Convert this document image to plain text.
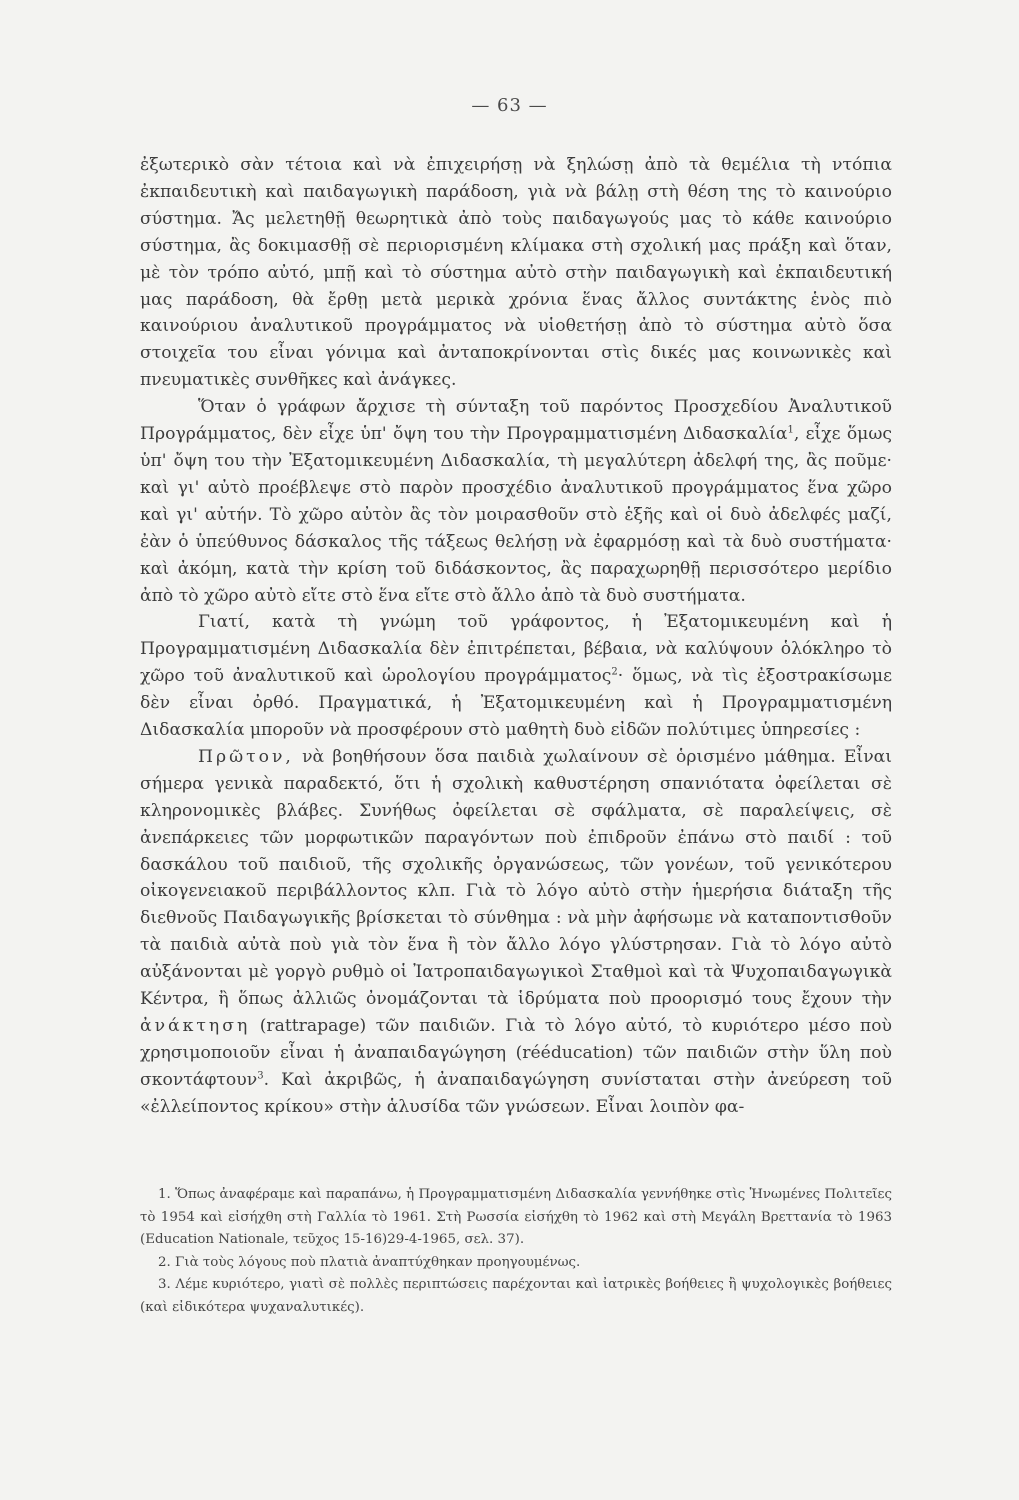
— 63 —

ἐξωτερικὸ σὰν τέτοια καὶ νὰ ἐπιχειρήσῃ νὰ ξηλώσῃ ἀπὸ τὰ θεμέλια τὴ ντόπια ἐκπαιδευτικὴ καὶ παιδαγωγικὴ παράδοση, γιὰ νὰ βάλῃ στὴ θέση της τὸ καινούριο σύστημα. Ἄς μελετηθῇ θεωρητικὰ ἀπὸ τοὺς παιδαγωγούς μας τὸ κάθε καινούριο σύστημα, ἂς δοκιμασθῇ σὲ περιορισμένη κλίμακα στὴ σχολική μας πράξη καὶ ὅταν, μὲ τὸν τρόπο αὐτό, μπῇ καὶ τὸ σύστημα αὐτὸ στὴν παιδαγωγικὴ καὶ ἐκπαιδευτική μας παράδοση, θὰ ἔρθῃ μετὰ μερικὰ χρόνια ἕνας ἄλλος συντάκτης ἑνὸς πιὸ καινούριου ἀναλυτικοῦ προγράμματος νὰ υἱοθετήσῃ ἀπὸ τὸ σύστημα αὐτὸ ὅσα στοιχεῖα του εἶναι γόνιμα καὶ ἀνταποκρίνονται στὶς δικές μας κοινωνικὲς καὶ πνευματικὲς συνθῆκες καὶ ἀνάγκες.

Ὅταν ὁ γράφων ἄρχισε τὴ σύνταξη τοῦ παρόντος Προσχεδίου Ἀναλυτικοῦ Προγράμματος, δὲν εἶχε ὑπ' ὄψη του τὴν Προγραμματισμένη Διδασκαλία$^1$, εἶχε ὅμως ὑπ' ὄψη του τὴν Ἐξατομικευμένη Διδασκαλία, τὴ μεγαλύτερη ἀδελφή της, ἂς ποῦμε· καὶ γι' αὐτὸ προέβλεψε στὸ παρὸν προσχέδιο ἀναλυτικοῦ προγράμματος ἕνα χῶρο καὶ γι' αὐτήν. Τὸ χῶρο αὐτὸν ἂς τὸν μοιρασθοῦν στὸ ἑξῆς καὶ οἱ δυὸ ἀδελφές μαζί, ἐὰν ὁ ὑπεύθυνος δάσκαλος τῆς τάξεως θελήσῃ νὰ ἐφαρμόσῃ καὶ τὰ δυὸ συστήματα· καὶ ἀκόμη, κατὰ τὴν κρίση τοῦ διδάσκοντος, ἂς παραχωρηθῇ περισσότερο μερίδιο ἀπὸ τὸ χῶρο αὐτὸ εἴτε στὸ ἕνα εἴτε στὸ ἄλλο ἀπὸ τὰ δυὸ συστήματα.

Γιατί, κατὰ τὴ γνώμη τοῦ γράφοντος, ἡ Ἐξατομικευμένη καὶ ἡ Προγραμματισμένη Διδασκαλία δὲν ἐπιτρέπεται, βέβαια, νὰ καλύψουν ὁλόκληρο τὸ χῶρο τοῦ ἀναλυτικοῦ καὶ ὡρολογίου προγράμματος$^2$· ὅμως, νὰ τὶς ἐξοστρακίσωμε δὲν εἶναι ὀρθό. Πραγματικά, ἡ Ἐξατομικευμένη καὶ ἡ Προγραμματισμένη Διδασκαλία μποροῦν νὰ προσφέρουν στὸ μαθητὴ δυὸ εἰδῶν πολύτιμες ὑπηρεσίες :

Πρῶτον, νὰ βοηθήσουν ὅσα παιδιὰ χωλαίνουν σὲ ὁρισμένο μάθημα. Εἶναι σήμερα γενικὰ παραδεκτό, ὅτι ἡ σχολικὴ καθυστέρηση σπανιότατα ὀφείλεται σὲ κληρονομικὲς βλάβες. Συνήθως ὀφείλεται σὲ σφάλματα, σὲ παραλείψεις, σὲ ἀνεπάρκειες τῶν μορφωτικῶν παραγόντων ποὺ ἐπιδροῦν ἐπάνω στὸ παιδί : τοῦ δασκάλου τοῦ παιδιοῦ, τῆς σχολικῆς ὀργανώσεως, τῶν γονέων, τοῦ γενικότερου οἰκογενειακοῦ περιβάλλοντος κλπ. Γιὰ τὸ λόγο αὐτὸ στὴν ἡμερήσια διάταξη τῆς διεθνοῦς Παιδαγωγικῆς βρίσκεται τὸ σύνθημα : νὰ μὴν ἀφήσωμε νὰ καταποντισθοῦν τὰ παιδιὰ αὐτὰ ποὺ γιὰ τὸν ἕνα ἢ τὸν ἄλλο λόγο γλύστρησαν. Γιὰ τὸ λόγο αὐτὸ αὐξάνονται μὲ γοργὸ ρυθμὸ οἱ Ἰατροπαιδαγωγικοὶ Σταθμοὶ καὶ τὰ Ψυχοπαιδαγωγικὰ Κέντρα, ἢ ὅπως ἀλλιῶς ὀνομάζονται τὰ ἱδρύματα ποὺ προορισμό τους ἔχουν τὴν ἀνάκτηση (rattrapage) τῶν παιδιῶν. Γιὰ τὸ λόγο αὐτό, τὸ κυριότερο μέσο ποὺ χρησιμοποιοῦν εἶναι ἡ ἀναπαιδαγώγηση (rééducation) τῶν παιδιῶν στὴν ὕλη ποὺ σκοντάφτουν$^3$. Καὶ ἀκριβῶς, ἡ ἀναπαιδαγώγηση συνίσταται στὴν ἀνεύρεση τοῦ «ἐλλείποντος κρίκου» στὴν ἁλυσίδα τῶν γνώσεων. Εἶναι λοιπὸν φα-

1. Ὅπως ἀναφέραμε καὶ παραπάνω, ἡ Προγραμματισμένη Διδασκαλία γεννήθηκε στὶς Ἡνωμένες Πολιτεῖες τὸ 1954 καὶ εἰσήχθη στὴ Γαλλία τὸ 1961. Στὴ Ρωσσία εἰσήχθη τὸ 1962 καὶ στὴ Μεγάλη Βρεττανία τὸ 1963 (Education Nationale, τεῦχος 15-16)29-4-1965, σελ. 37).

2. Γιὰ τοὺς λόγους ποὺ πλατιὰ ἀναπτύχθηκαν προηγουμένως.

3. Λέμε κυριότερο, γιατὶ σὲ πολλὲς περιπτώσεις παρέχονται καὶ ἰατρικὲς βοήθειες ἢ ψυχολογικὲς βοήθειες (καὶ εἰδικότερα ψυχαναλυτικές).
